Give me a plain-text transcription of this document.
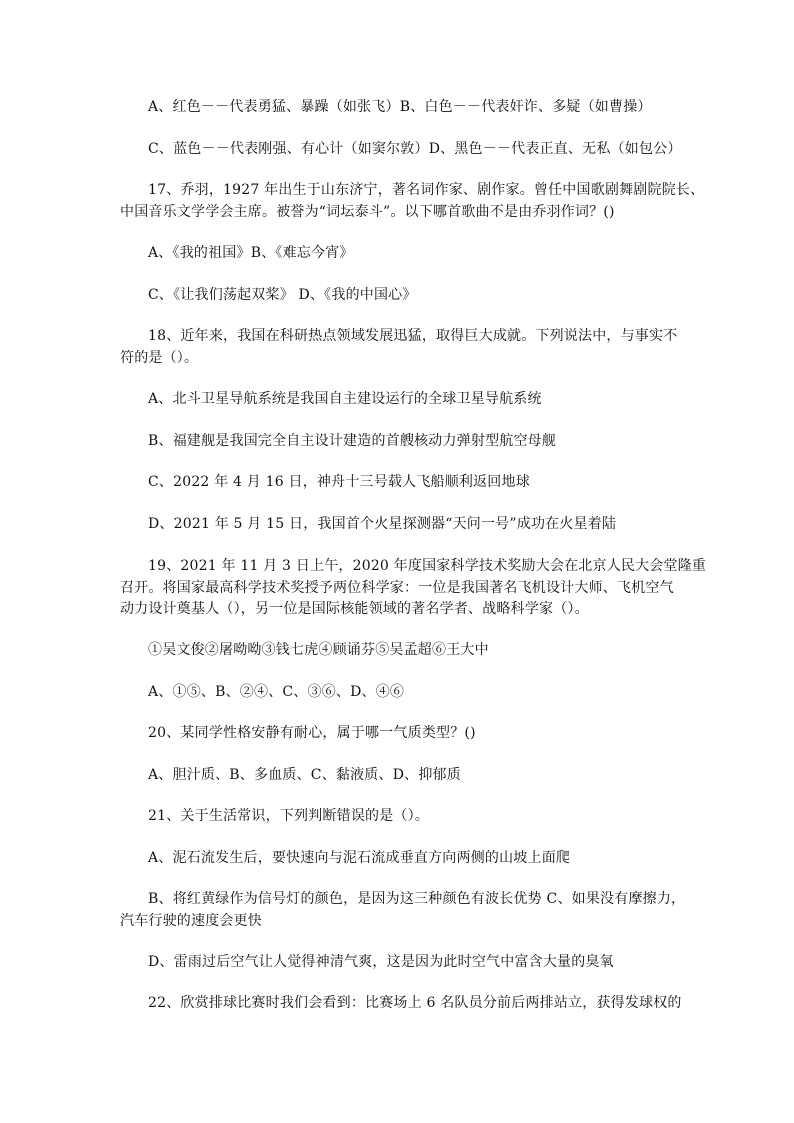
A、红色－－代表勇猛、暴躁（如张飞）B、白色－－代表奸诈、多疑（如曹操）
C、蓝色－－代表刚强、有心计（如窦尔敦）D、黑色－－代表正直、无私（如包公）
17、乔羽，1927 年出生于山东济宁，著名词作家、剧作家。曾任中国歌剧舞剧院院长、
中国音乐文学学会主席。被誉为“词坛泰斗”。以下哪首歌曲不是由乔羽作词？()
A、《我的祖国》B、《难忘今宵》
C、《让我们荡起双桨》 D、《我的中国心》
18、近年来，我国在科研热点领域发展迅猛，取得巨大成就。下列说法中，与事实不
符的是（）。
A、北斗卫星导航系统是我国自主建设运行的全球卫星导航系统
B、福建舰是我国完全自主设计建造的首艘核动力弹射型航空母舰
C、2022 年 4 月 16 日，神舟十三号载人飞船顺利返回地球
D、2021 年 5 月 15 日，我国首个火星探测器“天问一号”成功在火星着陆
19、2021 年 11 月 3 日上午，2020 年度国家科学技术奖励大会在北京人民大会堂隆重
召开。将国家最高科学技术奖授予两位科学家：一位是我国著名飞机设计大师、飞机空气
动力设计奠基人（），另一位是国际核能领域的著名学者、战略科学家（）。
①吴文俊②屠呦呦③钱七虎④顾诵芬⑤吴孟超⑥王大中
A、①⑤、B、②④、C、③⑥、D、④⑥
20、某同学性格安静有耐心，属于哪一气质类型？()
A、胆汁质、B、多血质、C、黏液质、D、抑郁质
21、关于生活常识，下列判断错误的是（）。
A、泥石流发生后，要快速向与泥石流成垂直方向两侧的山坡上面爬
B、将红黄绿作为信号灯的颜色，是因为这三种颜色有波长优势 C、如果没有摩擦力，
汽车行驶的速度会更快
D、雷雨过后空气让人觉得神清气爽，这是因为此时空气中富含大量的臭氧
22、欣赏排球比赛时我们会看到：比赛场上 6 名队员分前后两排站立，获得发球权的
